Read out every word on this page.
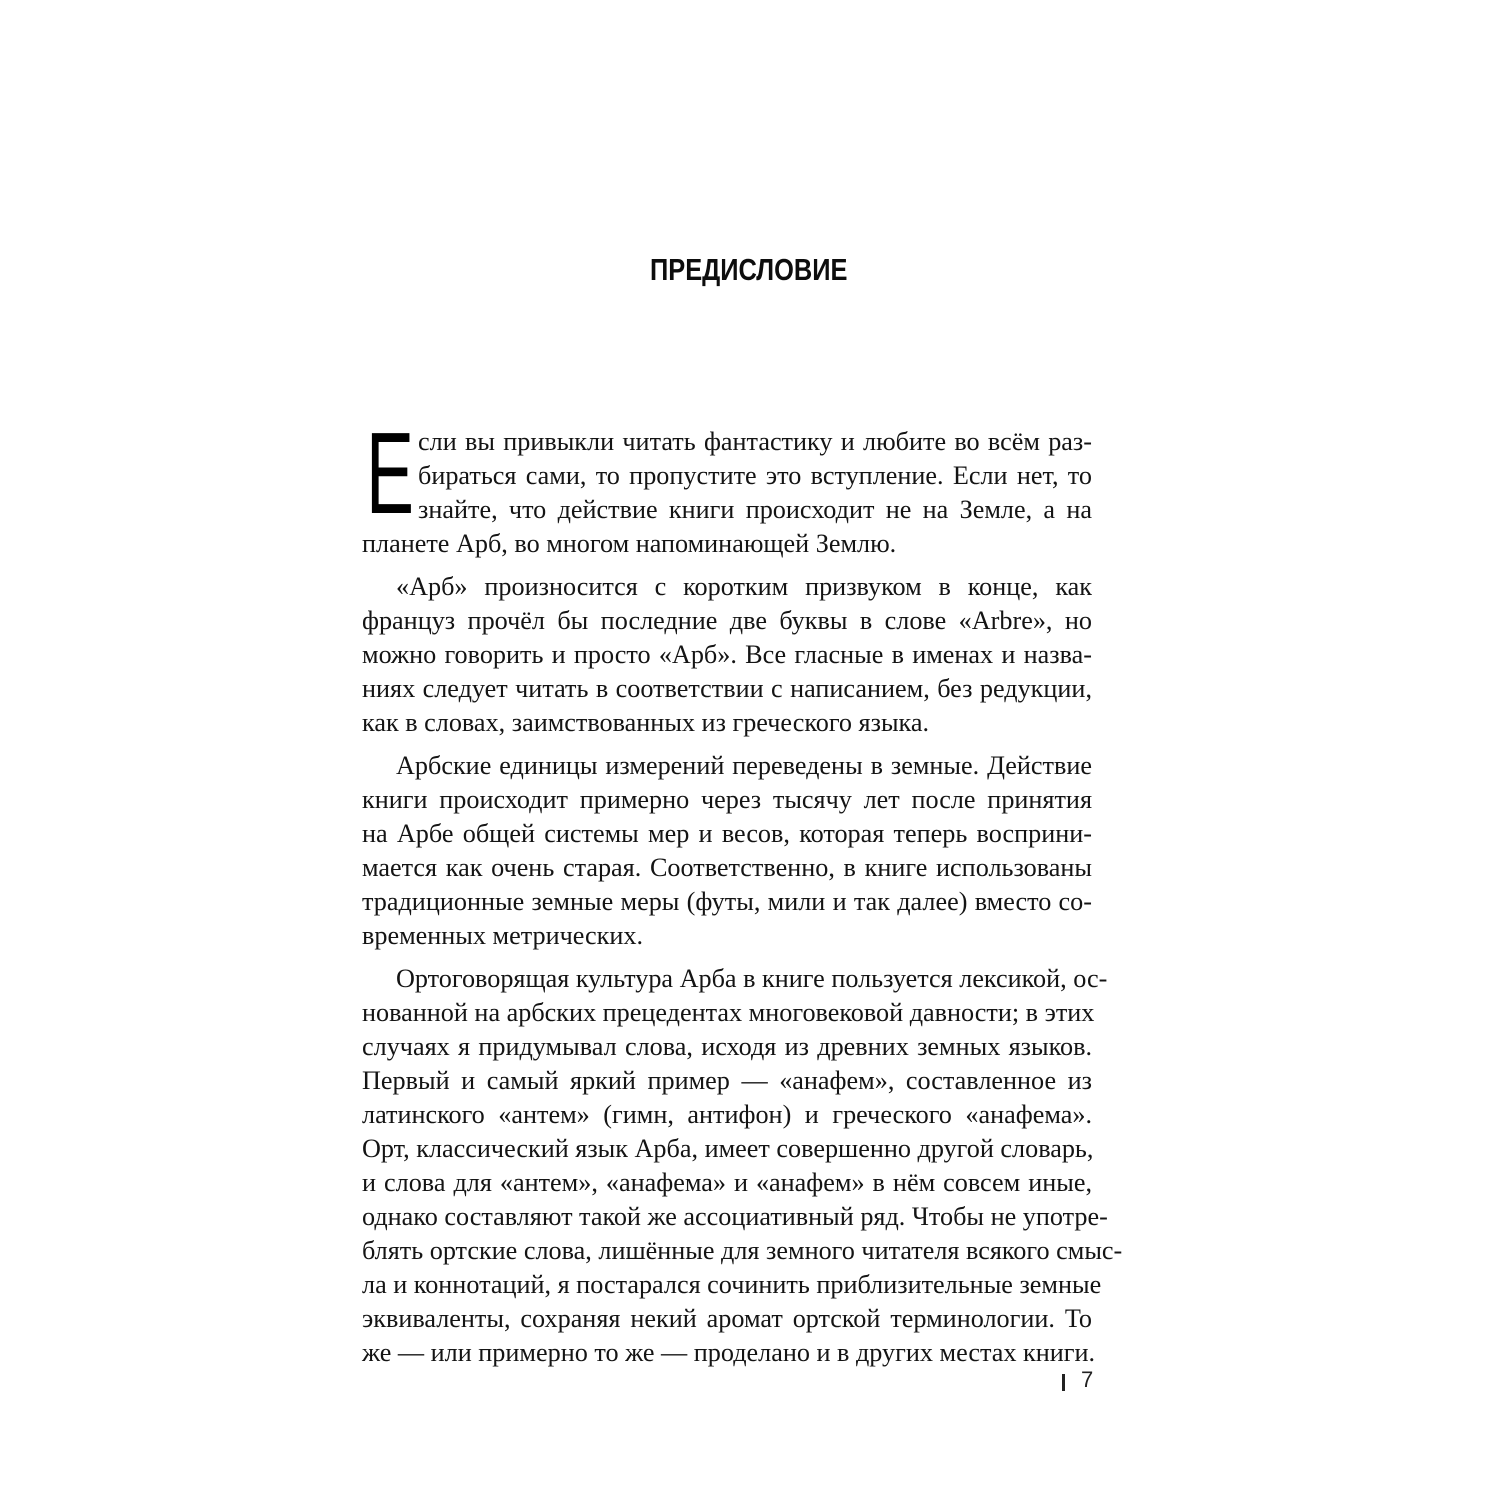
ПРЕДИСЛОВИЕ
Е сли вы привыкли читать фантастику и любите во всём раз-
бираться сами, то пропустите это вступление. Если нет, то
знайте, что действие книги происходит не на Земле, а на
планете Арб, во многом напоминающей Землю.
«Арб» произносится с коротким призвуком в конце, как
француз прочёл бы последние две буквы в слове «Arbre», но
можно говорить и просто «Арб». Все гласные в именах и назва-
ниях следует читать в соответствии с написанием, без редукции,
как в словах, заимствованных из греческого языка.
Арбские единицы измерений переведены в земные. Действие
книги происходит примерно через тысячу лет после принятия
на Арбе общей системы мер и весов, которая теперь восприни-
мается как очень старая. Соответственно, в книге использованы
традиционные земные меры (футы, мили и так далее) вместо со-
временных метрических.
Ортоговорящая культура Арба в книге пользуется лексикой, ос-
нованной на арбских прецедентах многовековой давности; в этих
случаях я придумывал слова, исходя из древних земных языков.
Первый и самый яркий пример — «анафем», составленное из
латинского «антем» (гимн, антифон) и греческого «анафема».
Орт, классический язык Арба, имеет совершенно другой словарь,
и слова для «антем», «анафема» и «анафем» в нём совсем иные,
однако составляют такой же ассоциативный ряд. Чтобы не употре-
блять ортские слова, лишённые для земного читателя всякого смыс-
ла и коннотаций, я постарался сочинить приблизительные земные
эквиваленты, сохраняя некий аромат ортской терминологии. То
же — или примерно то же — проделано и в других местах книги.
7
